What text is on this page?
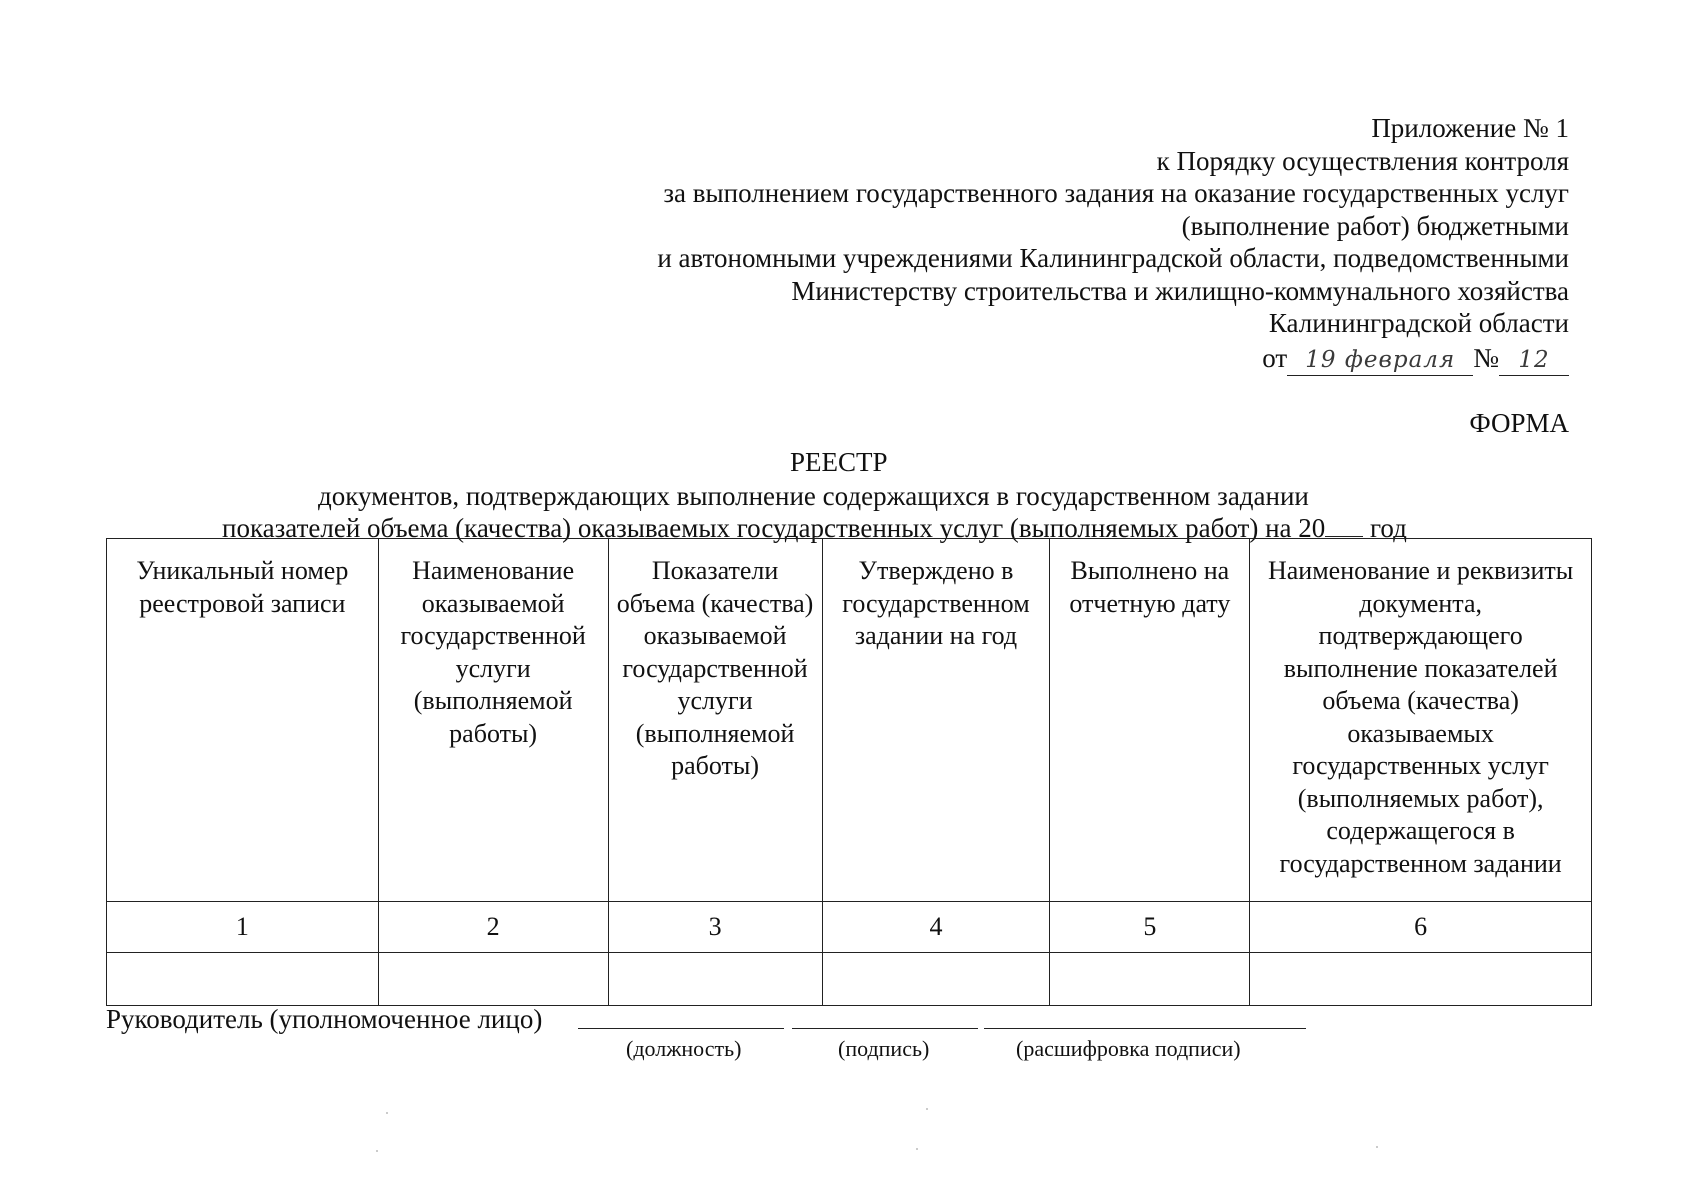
Приложение № 1
к Порядку осуществления контроля
за выполнением государственного задания на оказание государственных услуг
(выполнение работ) бюджетными
и автономными учреждениями Калининградской области, подведомственными
Министерству строительства и жилищно-коммунального хозяйства
Калининградской области
от 19 февраля № 12
ФОРМА
РЕЕСТР
документов, подтверждающих выполнение содержащихся в государственном задании
показателей объема (качества) оказываемых государственных услуг (выполняемых работ) на 20 год
Уникальный номер реестровой записи	Наименование оказываемой государственной услуги (выполняемой работы)	Показатели объема (качества) оказываемой государственной услуги (выполняемой работы)	Утверждено в государственном задании на год	Выполнено на отчетную дату	Наименование и реквизиты документа, подтверждающего выполнение показателей объема (качества) оказываемых государственных услуг (выполняемых работ), содержащегося в государственном задании
1	2	3	4	5	6

Руководитель (уполномоченное лицо)
(должность)	(подпись)	(расшифровка подписи)
